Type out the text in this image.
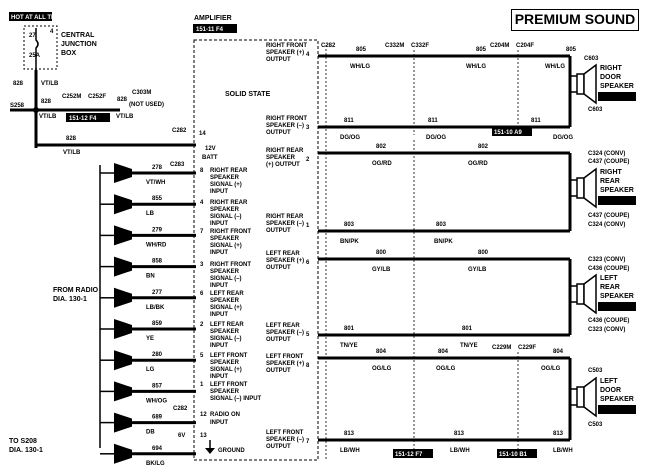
PREMIUM SOUND
HOT AT ALL TIMES
27
25A
4 CENTRAL
JUNCTION
BOX
828	VT/LB
S258
828
C252M C252F 828
C303M
(NOT USED)
VT/LB 151-12 F4	VT/LB
828
VT/LB
C282 14
12V
BATT
AMPLIFIER
151-11 F4
SOLID STATE
8 RIGHT REAR
SPEAKER
SIGNAL (+)
INPUT
4 RIGHT REAR
SPEAKER
SIGNAL (–)
INPUT
7 RIGHT FRONT
SPEAKER
SIGNAL (+)
INPUT
3 RIGHT FRONT
SPEAKER
SIGNAL (–)
INPUT
6 LEFT REAR
SPEAKER
SIGNAL (+)
INPUT
2 LEFT REAR
SPEAKER
SIGNAL (–)
INPUT
5 LEFT FRONT
SPEAKER
SIGNAL (+)
INPUT
1 LEFT FRONT
SPEAKER
SIGNAL (–) INPUT
RIGHT FRONT
SPEAKER (+)
OUTPUT
4
RIGHT FRONT
SPEAKER (–)
OUTPUT
3
RIGHT REAR
SPEAKER
(+) OUTPUT
2
RIGHT REAR
SPEAKER (–)
OUTPUT
1
LEFT REAR
SPEAKER (+)
OUTPUT
6
LEFT REAR
SPEAKER (–)
OUTPUT
5
LEFT FRONT
SPEAKER (+)
OUTPUT
8
LEFT FRONT
SPEAKER (–)
OUTPUT
7
12 RADIO ON
INPUT
13
GROUND
C283
A
278
VT/WH
B
855
LB
C
279
WH/RD
D
858
BN
E
277
LB/BK
F
859
YE
G
280
LG
H
857
WH/OG
I
689
DB
J
694
BK/LG
FROM RADIO
DIA. 130-1
TO S208
DIA. 130-1
C282
6V
C282	C332M C332F	C204M C204F
C229M C229F
805	805	805
WH/LG	WH/LG	WH/LG
811	811	811
DG/OG	DG/OG	DG/OG
802	802
OG/RD	OG/RD
803	803
BN/PK	BN/PK
800	800
GY/LB	GY/LB
801	801
TN/YE	TN/YE
804	804	804
OG/LG	OG/LG	OG/LG
813	813	813
LB/WH	LB/WH	LB/WH
151-10 A9
151-12 F7	151-10 B1
RIGHT
DOOR
SPEAKER
151-14 A5
C603
C603
RIGHT
REAR
SPEAKER
151-13 A9
C324 (CONV)
C437 (COUPE)
C437 (COUPE)
C324 (CONV)
LEFT
REAR
SPEAKER
151-13 F5
C323 (CONV)
C436 (COUPE)
C436 (COUPE)
C323 (CONV)
LEFT
DOOR
SPEAKER
151-14 C1
C503
C503
